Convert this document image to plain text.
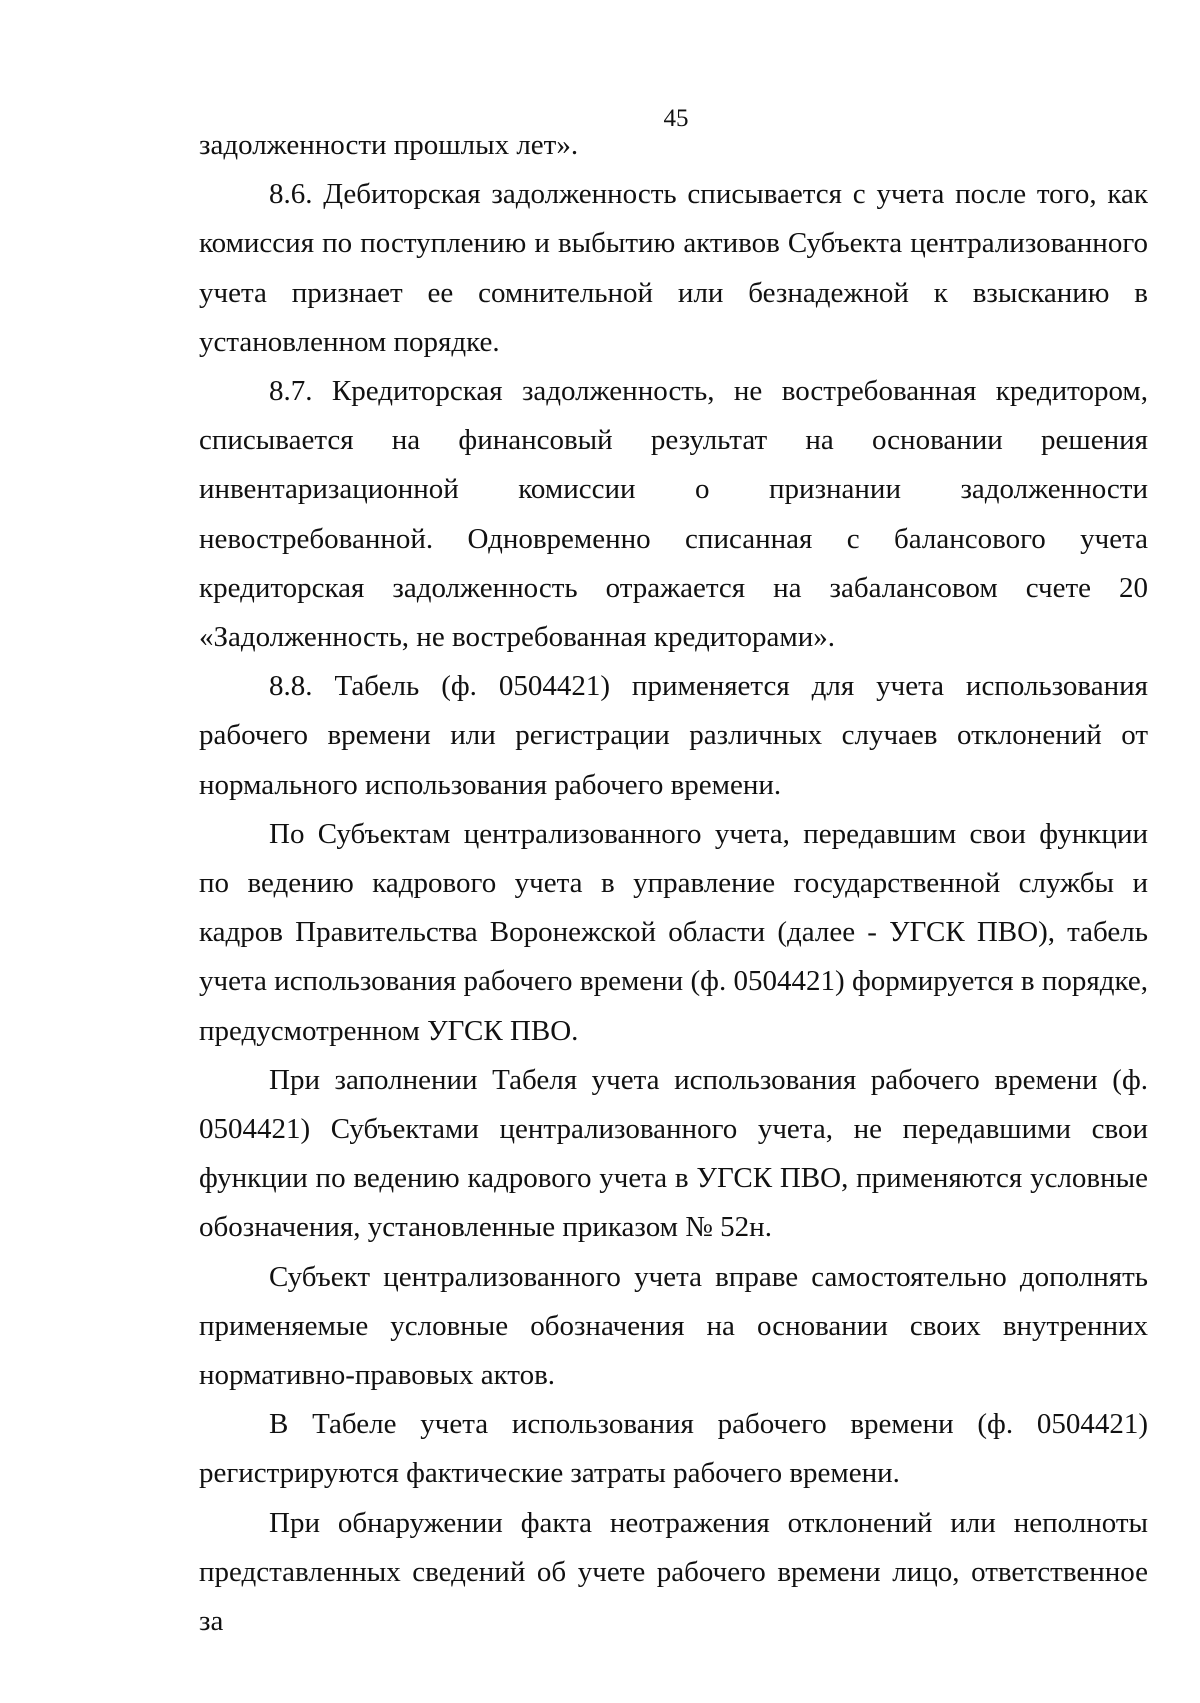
45

задолженности прошлых лет».

8.6. Дебиторская задолженность списывается с учета после того, как комиссия по поступлению и выбытию активов Субъекта централизованного учета признает ее сомнительной или безнадежной к взысканию в установленном порядке.

8.7. Кредиторская задолженность, не востребованная кредитором, списывается на финансовый результат на основании решения инвентаризационной комиссии о признании задолженности невостребованной. Одновременно списанная с балансового учета кредиторская задолженность отражается на забалансовом счете 20 «Задолженность, не востребованная кредиторами».

8.8. Табель (ф. 0504421) применяется для учета использования рабочего времени или регистрации различных случаев отклонений от нормального использования рабочего времени.

По Субъектам централизованного учета, передавшим свои функции по ведению кадрового учета в управление государственной службы и кадров Правительства Воронежской области (далее - УГСК ПВО), табель учета использования рабочего времени (ф. 0504421) формируется в порядке, предусмотренном УГСК ПВО.

При заполнении Табеля учета использования рабочего времени (ф. 0504421) Субъектами централизованного учета, не передавшими свои функции по ведению кадрового учета в УГСК ПВО, применяются условные обозначения, установленные приказом № 52н.

Субъект централизованного учета вправе самостоятельно дополнять применяемые условные обозначения на основании своих внутренних нормативно-правовых актов.

В Табеле учета использования рабочего времени (ф. 0504421) регистрируются фактические затраты рабочего времени.

При обнаружении факта неотражения отклонений или неполноты представленных сведений об учете рабочего времени лицо, ответственное за
